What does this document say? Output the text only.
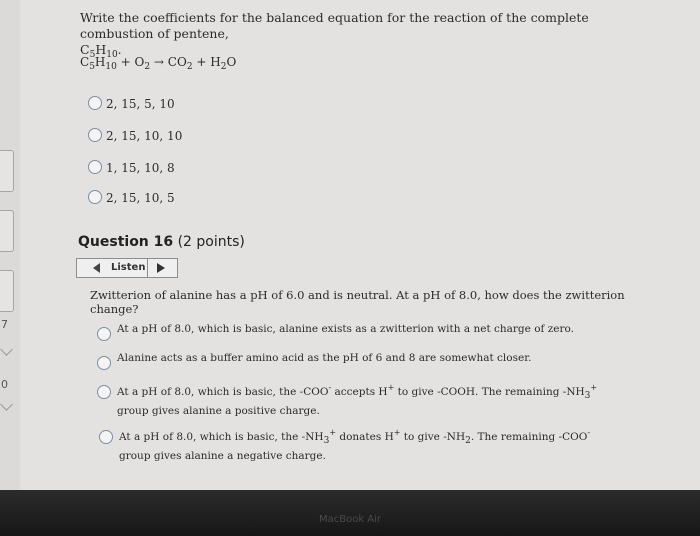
7
0
Write the coefficients for the balanced equation for the reaction of the complete combustion of pentene,
$C_5H_{10}$.
$C_5H_{10} + O_2 \to CO_2 + H_2O$
2, 15, 5, 10
2, 15, 10, 10
1, 15, 10, 8
2, 15, 10, 5
Question 16 (2 points)
Listen
Zwitterion of alanine has a pH of 6.0 and is neutral. At a pH of 8.0, how does the zwitterion change?
At a pH of 8.0, which is basic, alanine exists as a zwitterion with a net charge of zero.
Alanine acts as a buffer amino acid as the pH of 6 and 8 are somewhat closer.
At a pH of 8.0, which is basic, the -COO- accepts H+ to give -COOH. The remaining -NH3+ group gives alanine a positive charge.
At a pH of 8.0, which is basic, the -NH3+ donates H+ to give -NH2. The remaining -COO- group gives alanine a negative charge.
MacBook Air
